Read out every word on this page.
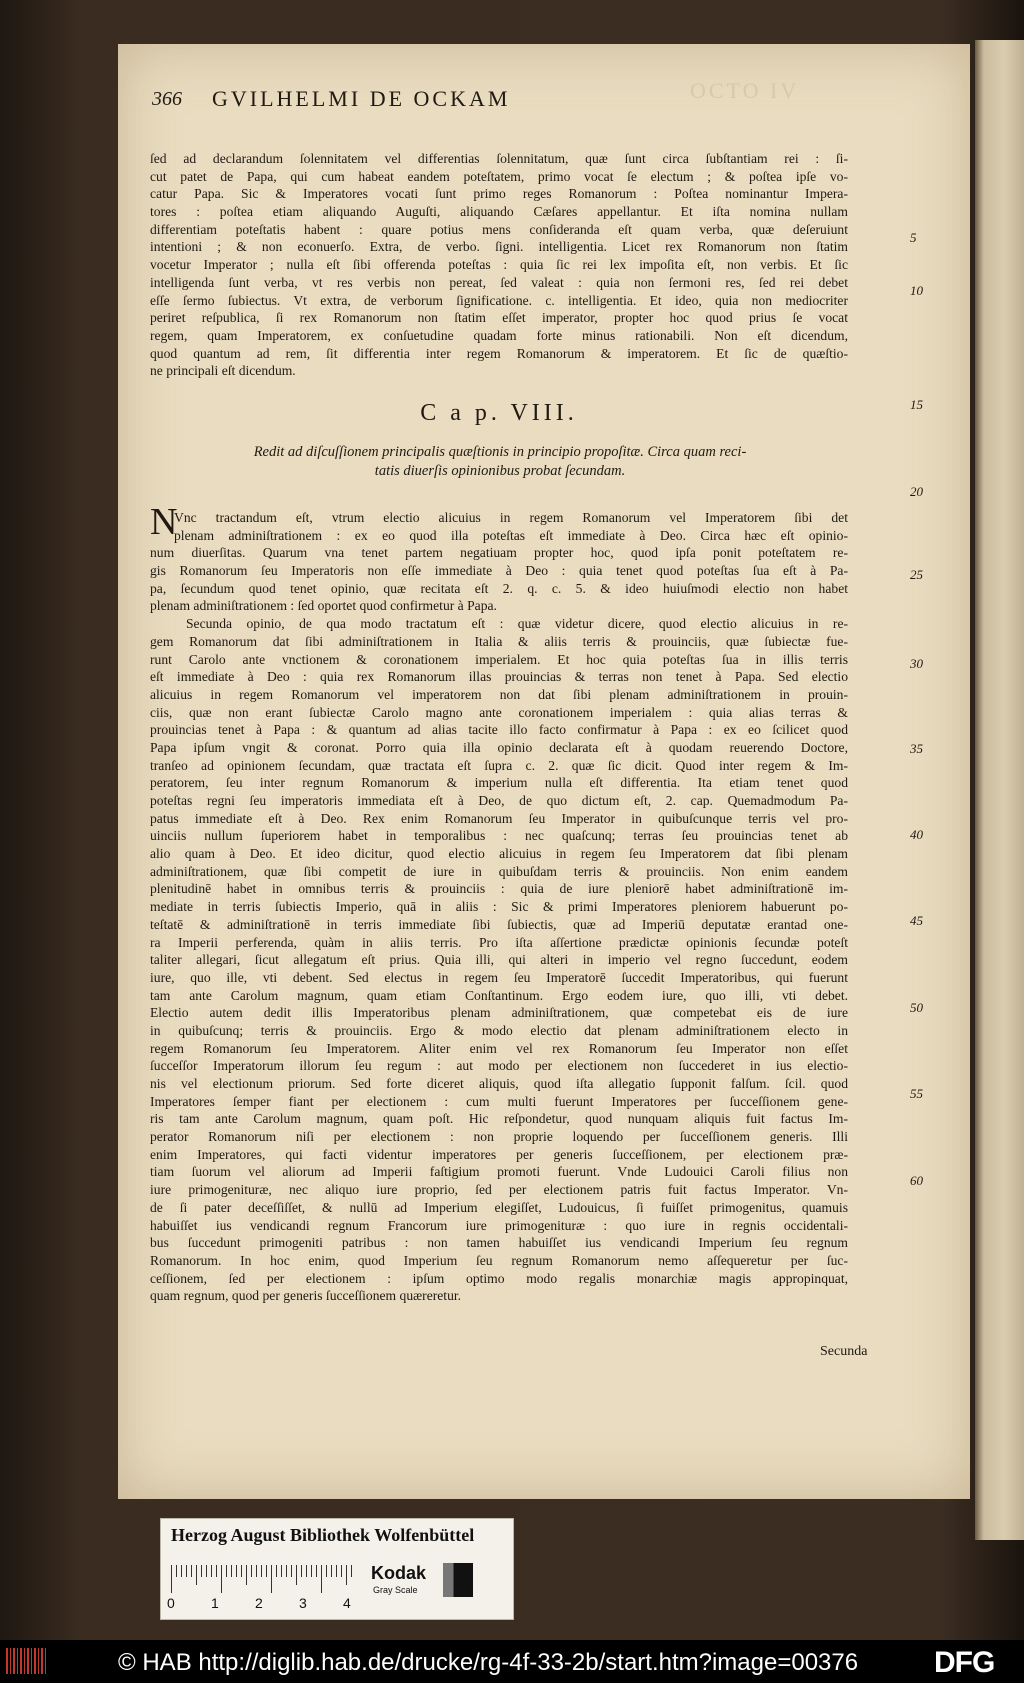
OCTO IV
366 GVILHELMI DE OCKAM
ſed ad declarandum ſolennitatem vel differentias ſolennitatum, quæ ſunt circa ſubſtantiam rei : ſi-
cut patet de Papa, qui cum habeat eandem poteſtatem, primo vocat ſe electum ; & poſtea ipſe vo-
catur Papa. Sic & Imperatores vocati ſunt primo reges Romanorum : Poſtea nominantur Impera-
tores : poſtea etiam aliquando Auguſti, aliquando Cæſares appellantur. Et iſta nomina nullam
differentiam poteſtatis habent : quare potius mens conſideranda eſt quam verba, quæ deſeruiunt
intentioni ; & non econuerſo. Extra, de verbo. ſigni. intelligentia. Licet rex Romanorum non ſtatim
vocetur Imperator ; nulla eſt ſibi offerenda poteſtas : quia ſic rei lex impoſita eſt, non verbis. Et ſic
intelligenda ſunt verba, vt res verbis non pereat, ſed valeat : quia non ſermoni res, ſed rei debet
eſſe ſermo ſubiectus. Vt extra, de verborum ſignificatione. c. intelligentia. Et ideo, quia non mediocriter
periret reſpublica, ſi rex Romanorum non ſtatim eſſet imperator, propter hoc quod prius ſe vocat
regem, quam Imperatorem, ex conſuetudine quadam forte minus rationabili. Non eſt dicendum,
quod quantum ad rem, ſit differentia inter regem Romanorum & imperatorem. Et ſic de quæſtio-
ne principali eſt dicendum.
C a p. VIII.
Redit ad diſcuſſionem principalis quæſtionis in principio propoſitæ. Circa quam reci-
tatis diuerſis opinionibus probat ſecundam.
N
Vnc tractandum eſt, vtrum electio alicuius in regem Romanorum vel Imperatorem ſibi det
plenam adminiſtrationem : ex eo quod illa poteſtas eſt immediate à Deo. Circa hæc eſt opinio-
num diuerſitas. Quarum vna tenet partem negatiuam propter hoc, quod ipſa ponit poteſtatem re-
gis Romanorum ſeu Imperatoris non eſſe immediate à Deo : quia tenet quod poteſtas ſua eſt à Pa-
pa, ſecundum quod tenet opinio, quæ recitata eſt 2. q. c. 5. & ideo huiuſmodi electio non habet
plenam adminiſtrationem : ſed oportet quod confirmetur à Papa.
Secunda opinio, de qua modo tractatum eſt : quæ videtur dicere, quod electio alicuius in re-
gem Romanorum dat ſibi adminiſtrationem in Italia & aliis terris & prouinciis, quæ ſubiectæ fue-
runt Carolo ante vnctionem & coronationem imperialem. Et hoc quia poteſtas ſua in illis terris
eſt immediate à Deo : quia rex Romanorum illas prouincias & terras non tenet à Papa. Sed electio
alicuius in regem Romanorum vel imperatorem non dat ſibi plenam adminiſtrationem in prouin-
ciis, quæ non erant ſubiectæ Carolo magno ante coronationem imperialem : quia alias terras &
prouincias tenet à Papa : & quantum ad alias tacite illo facto confirmatur à Papa : ex eo ſcilicet quod
Papa ipſum vngit & coronat. Porro quia illa opinio declarata eſt à quodam reuerendo Doctore,
tranſeo ad opinionem ſecundam, quæ tractata eſt ſupra c. 2. quæ ſic dicit. Quod inter regem & Im-
peratorem, ſeu inter regnum Romanorum & imperium nulla eſt differentia. Ita etiam tenet quod
poteſtas regni ſeu imperatoris immediata eſt à Deo, de quo dictum eſt, 2. cap. Quemadmodum Pa-
patus immediate eſt à Deo. Rex enim Romanorum ſeu Imperator in quibuſcunque terris vel pro-
uinciis nullum ſuperiorem habet in temporalibus : nec quaſcunq; terras ſeu prouincias tenet ab
alio quam à Deo. Et ideo dicitur, quod electio alicuius in regem ſeu Imperatorem dat ſibi plenam
adminiſtrationem, quæ ſibi competit de iure in quibuſdam terris & prouinciis. Non enim eandem
plenitudinē habet in omnibus terris & prouinciis : quia de iure pleniorē habet adminiſtrationē im-
mediate in terris ſubiectis Imperio, quā in aliis : Sic & primi Imperatores pleniorem habuerunt po-
teſtatē & adminiſtrationē in terris immediate ſibi ſubiectis, quæ ad Imperiū deputatæ erantad one-
ra Imperii perferenda, quàm in aliis terris. Pro iſta aſſertione prædictæ opinionis ſecundæ poteſt
taliter allegari, ſicut allegatum eſt prius. Quia illi, qui alteri in imperio vel regno ſuccedunt, eodem
iure, quo ille, vti debent. Sed electus in regem ſeu Imperatorē ſuccedit Imperatoribus, qui fuerunt
tam ante Carolum magnum, quam etiam Conſtantinum. Ergo eodem iure, quo illi, vti debet.
Electio autem dedit illis Imperatoribus plenam adminiſtrationem, quæ competebat eis de iure
in quibuſcunq; terris & prouinciis. Ergo & modo electio dat plenam adminiſtrationem electo in
regem Romanorum ſeu Imperatorem. Aliter enim vel rex Romanorum ſeu Imperator non eſſet
ſucceſſor Imperatorum illorum ſeu regum : aut modo per electionem non ſuccederet in ius electio-
nis vel electionum priorum. Sed forte diceret aliquis, quod iſta allegatio ſupponit falſum. ſcil. quod
Imperatores ſemper fiant per electionem : cum multi fuerunt Imperatores per ſucceſſionem gene-
ris tam ante Carolum magnum, quam poſt. Hic reſpondetur, quod nunquam aliquis fuit factus Im-
perator Romanorum niſi per electionem : non proprie loquendo per ſucceſſionem generis. Illi
enim Imperatores, qui facti videntur imperatores per generis ſucceſſionem, per electionem præ-
tiam ſuorum vel aliorum ad Imperii faſtigium promoti fuerunt. Vnde Ludouici Caroli filius non
iure primogenituræ, nec aliquo iure proprio, ſed per electionem patris fuit factus Imperator. Vn-
de ſi pater deceſſiſſet, & nullū ad Imperium elegiſſet, Ludouicus, ſi fuiſſet primogenitus, quamuis
habuiſſet ius vendicandi regnum Francorum iure primogenituræ : quo iure in regnis occidentali-
bus ſuccedunt primogeniti patribus : non tamen habuiſſet ius vendicandi Imperium ſeu regnum
Romanorum. In hoc enim, quod Imperium ſeu regnum Romanorum nemo aſſequeretur per ſuc-
ceſſionem, ſed per electionem : ipſum optimo modo regalis monarchiæ magis appropinquat,
quam regnum, quod per generis ſucceſſionem quæreretur.
5
10
15
20
25
30
35
40
45
50
55
60
Secunda
Herzog August Bibliothek Wolfenbüttel
0	1	2	3	4
Kodak
Gray Scale
© HAB http://diglib.hab.de/drucke/rg-4f-33-2b/start.htm?image=00376	DFG
